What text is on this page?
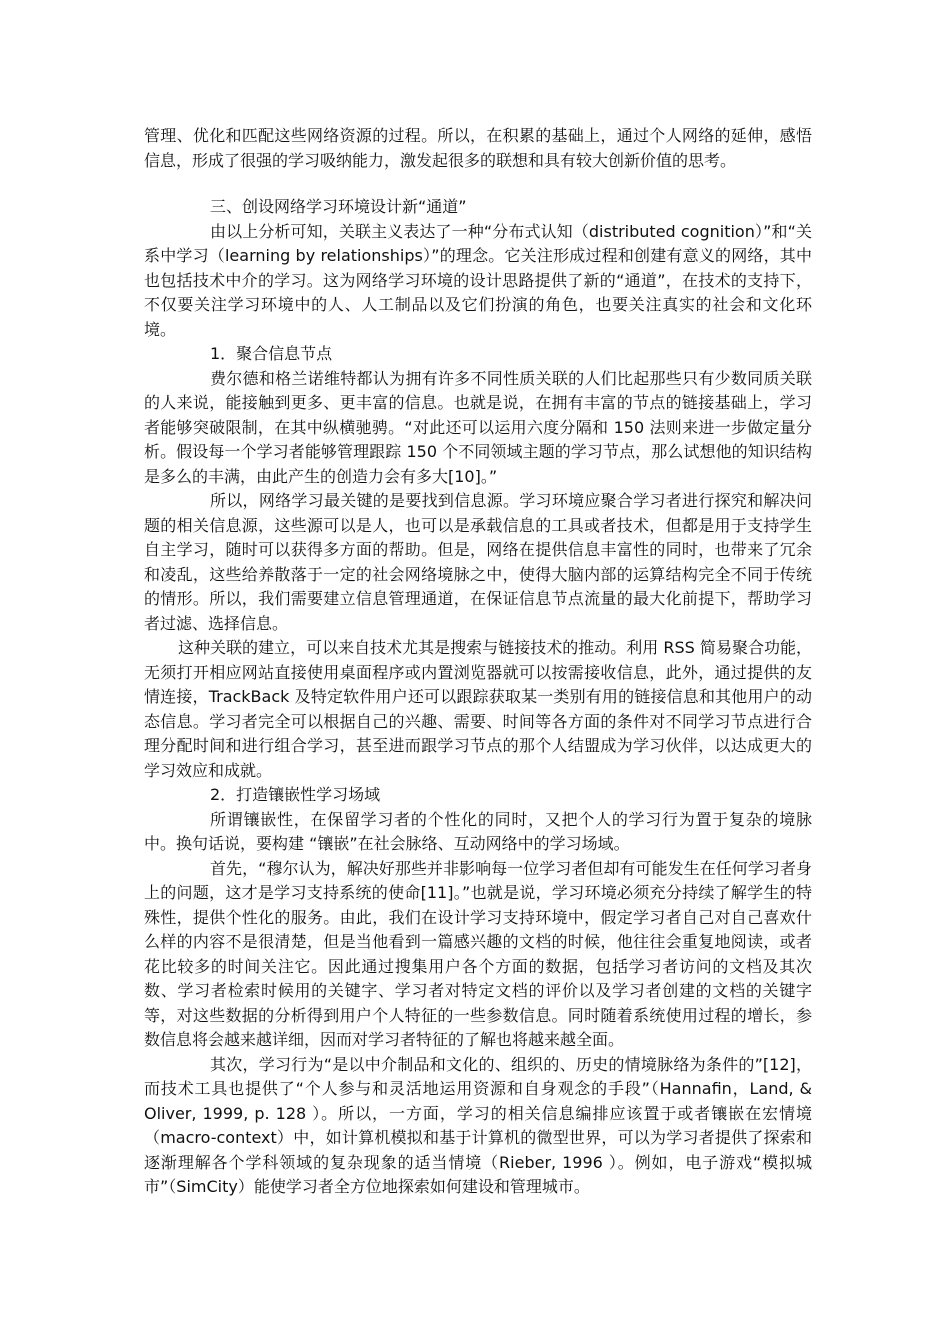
管理、优化和匹配这些网络资源的过程。所以，在积累的基础上，通过个人网络的延伸，感悟信息，形成了很强的学习吸纳能力，激发起很多的联想和具有较大创新价值的思考。

三、创设网络学习环境设计新“通道”

由以上分析可知，关联主义表达了一种“分布式认知（distributed cognition）”和“关系中学习（learning by relationships）”的理念。它关注形成过程和创建有意义的网络，其中也包括技术中介的学习。这为网络学习环境的设计思路提供了新的“通道”，在技术的支持下，不仅要关注学习环境中的人、人工制品以及它们扮演的角色，也要关注真实的社会和文化环境。

1．聚合信息节点

费尔德和格兰诺维特都认为拥有许多不同性质关联的人们比起那些只有少数同质关联的人来说，能接触到更多、更丰富的信息。也就是说，在拥有丰富的节点的链接基础上，学习者能够突破限制，在其中纵横驰骋。“对此还可以运用六度分隔和 150 法则来进一步做定量分析。假设每一个学习者能够管理跟踪 150 个不同领域主题的学习节点，那么试想他的知识结构是多么的丰满，由此产生的创造力会有多大[10]。”

所以，网络学习最关键的是要找到信息源。学习环境应聚合学习者进行探究和解决问题的相关信息源，这些源可以是人，也可以是承载信息的工具或者技术，但都是用于支持学生自主学习，随时可以获得多方面的帮助。但是，网络在提供信息丰富性的同时，也带来了冗余和凌乱，这些给养散落于一定的社会网络境脉之中，使得大脑内部的运算结构完全不同于传统的情形。所以，我们需要建立信息管理通道，在保证信息节点流量的最大化前提下，帮助学习者过滤、选择信息。

这种关联的建立，可以来自技术尤其是搜索与链接技术的推动。利用 RSS 简易聚合功能，无须打开相应网站直接使用桌面程序或内置浏览器就可以按需接收信息，此外，通过提供的友情连接，TrackBack 及特定软件用户还可以跟踪获取某一类别有用的链接信息和其他用户的动态信息。学习者完全可以根据自己的兴趣、需要、时间等各方面的条件对不同学习节点进行合理分配时间和进行组合学习，甚至进而跟学习节点的那个人结盟成为学习伙伴，以达成更大的学习效应和成就。

2．打造镶嵌性学习场域

所谓镶嵌性，在保留学习者的个性化的同时，又把个人的学习行为置于复杂的境脉中。换句话说，要构建 “镶嵌”在社会脉络、互动网络中的学习场域。

首先，“穆尔认为，解决好那些并非影响每一位学习者但却有可能发生在任何学习者身上的问题，这才是学习支持系统的使命[11]。”也就是说，学习环境必须充分持续了解学生的特殊性，提供个性化的服务。由此，我们在设计学习支持环境中，假定学习者自己对自己喜欢什么样的内容不是很清楚，但是当他看到一篇感兴趣的文档的时候，他往往会重复地阅读，或者花比较多的时间关注它。因此通过搜集用户各个方面的数据，包括学习者访问的文档及其次数、学习者检索时候用的关键字、学习者对特定文档的评价以及学习者创建的文档的关键字等，对这些数据的分析得到用户个人特征的一些参数信息。同时随着系统使用过程的增长，参数信息将会越来越详细，因而对学习者特征的了解也将越来越全面。

其次，学习行为“是以中介制品和文化的、组织的、历史的情境脉络为条件的”[12]，而技术工具也提供了“个人参与和灵活地运用资源和自身观念的手段”（Hannafin，Land, & Oliver, 1999, p. 128 ）。所以，一方面，学习的相关信息编排应该置于或者镶嵌在宏情境（macro-context）中，如计算机模拟和基于计算机的微型世界，可以为学习者提供了探索和逐渐理解各个学科领域的复杂现象的适当情境（Rieber, 1996 ）。例如，电子游戏“模拟城市”（SimCity）能使学习者全方位地探索如何建设和管理城市。
